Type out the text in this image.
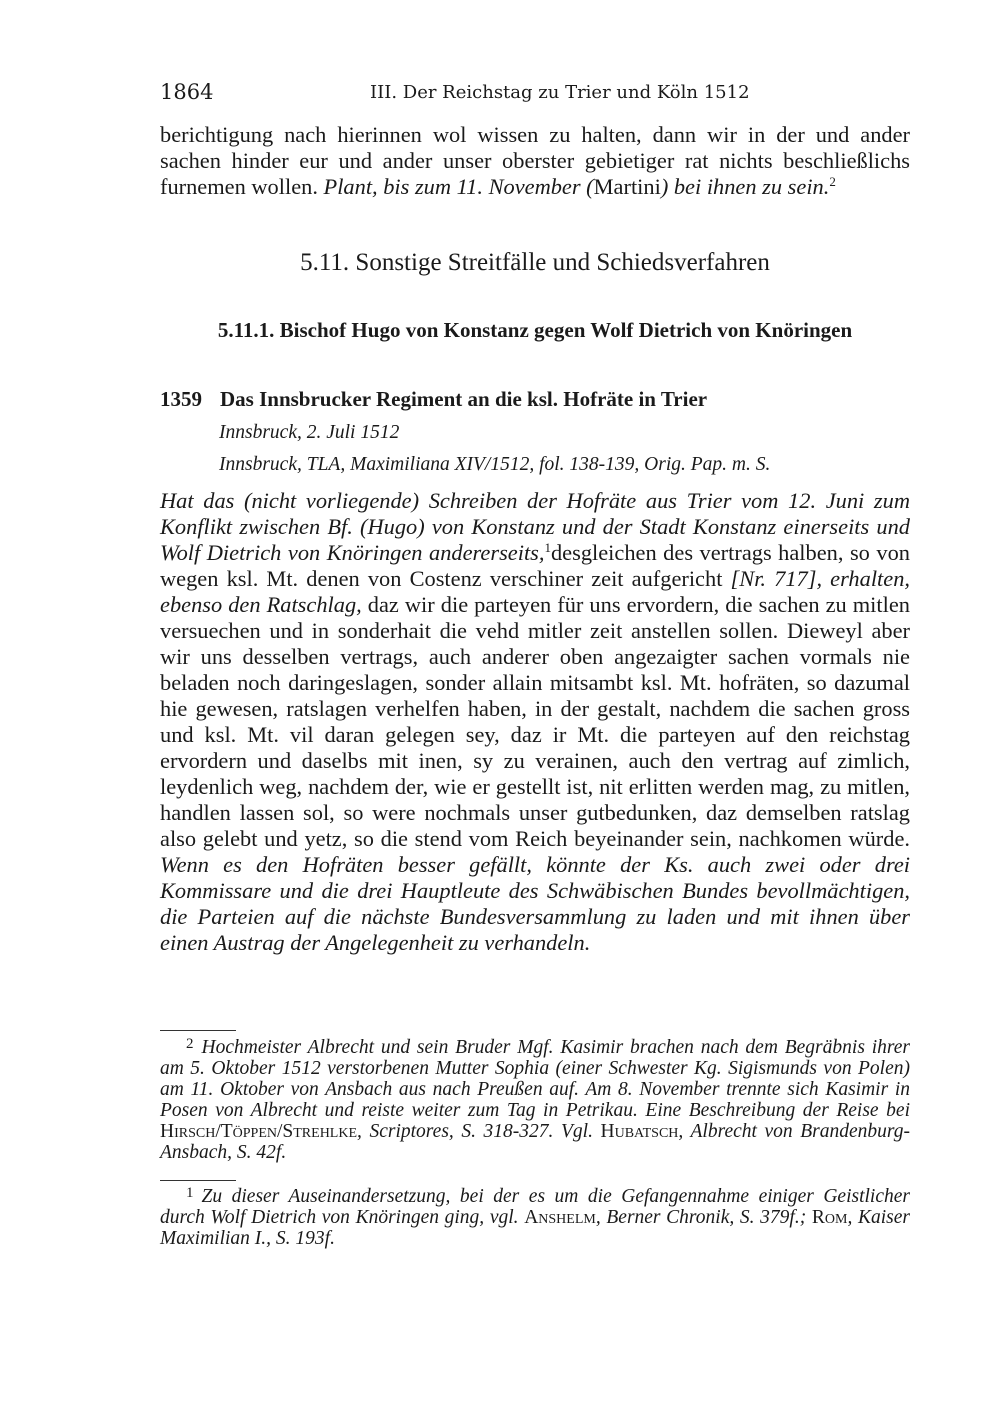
1864	III. Der Reichstag zu Trier und Köln 1512

berichtigung nach hierinnen wol wissen zu halten, dann wir in der und ander sachen hinder eur und ander unser oberster gebietiger rat nichts beschließlichs furnemen wollen. Plant, bis zum 11. November (Martini) bei ihnen zu sein.$^2$

5.11. Sonstige Streitfälle und Schiedsverfahren
5.11.1. Bischof Hugo von Konstanz gegen Wolf Dietrich von Knöringen
1359 Das Innsbrucker Regiment an die ksl. Hofräte in Trier
Innsbruck, 2. Juli 1512
Innsbruck, TLA, Maximiliana XIV/1512, fol. 138-139, Orig. Pap. m. S.

Hat das (nicht vorliegende) Schreiben der Hofräte aus Trier vom 12. Juni zum Konflikt zwischen Bf. (Hugo) von Konstanz und der Stadt Konstanz einerseits und Wolf Dietrich von Knöringen andererseits,$^1$desgleichen des vertrags halben, so von wegen ksl. Mt. denen von Costenz verschiner zeit aufgericht [Nr. 717], erhalten, ebenso den Ratschlag, daz wir die parteyen für uns ervordern, die sachen zu mitlen versuechen und in sonderhait die vehd mitler zeit anstellen sollen. Dieweyl aber wir uns desselben vertrags, auch anderer oben angezaigter sachen vormals nie beladen noch daringeslagen, sonder allain mitsambt ksl. Mt. hofräten, so dazumal hie gewesen, ratslagen verhelfen haben, in der gestalt, nachdem die sachen gross und ksl. Mt. vil daran gelegen sey, daz ir Mt. die parteyen auf den reichstag ervordern und daselbs mit inen, sy zu verainen, auch den vertrag auf zimlich, leydenlich weg, nachdem der, wie er gestellt ist, nit erlitten werden mag, zu mitlen, handlen lassen sol, so were nochmals unser gutbedunken, daz demselben ratslag also gelebt und yetz, so die stend vom Reich beyeinander sein, nachkomen würde. Wenn es den Hofräten besser gefällt, könnte der Ks. auch zwei oder drei Kommissare und die drei Hauptleute des Schwäbischen Bundes bevollmächtigen, die Parteien auf die nächste Bundesversammlung zu laden und mit ihnen über einen Austrag der Angelegenheit zu verhandeln.

$^2$ Hochmeister Albrecht und sein Bruder Mgf. Kasimir brachen nach dem Begräbnis ihrer am 5. Oktober 1512 verstorbenen Mutter Sophia (einer Schwester Kg. Sigismunds von Polen) am 11. Oktober von Ansbach aus nach Preußen auf. Am 8. November trennte sich Kasimir in Posen von Albrecht und reiste weiter zum Tag in Petrikau. Eine Beschreibung der Reise bei Hirsch/Töppen/Strehlke, Scriptores, S. 318-327. Vgl. Hubatsch, Albrecht von Brandenburg-Ansbach, S. 42f.

$^1$ Zu dieser Auseinandersetzung, bei der es um die Gefangennahme einiger Geistlicher durch Wolf Dietrich von Knöringen ging, vgl. Anshelm, Berner Chronik, S. 379f.; Rom, Kaiser Maximilian I., S. 193f.
